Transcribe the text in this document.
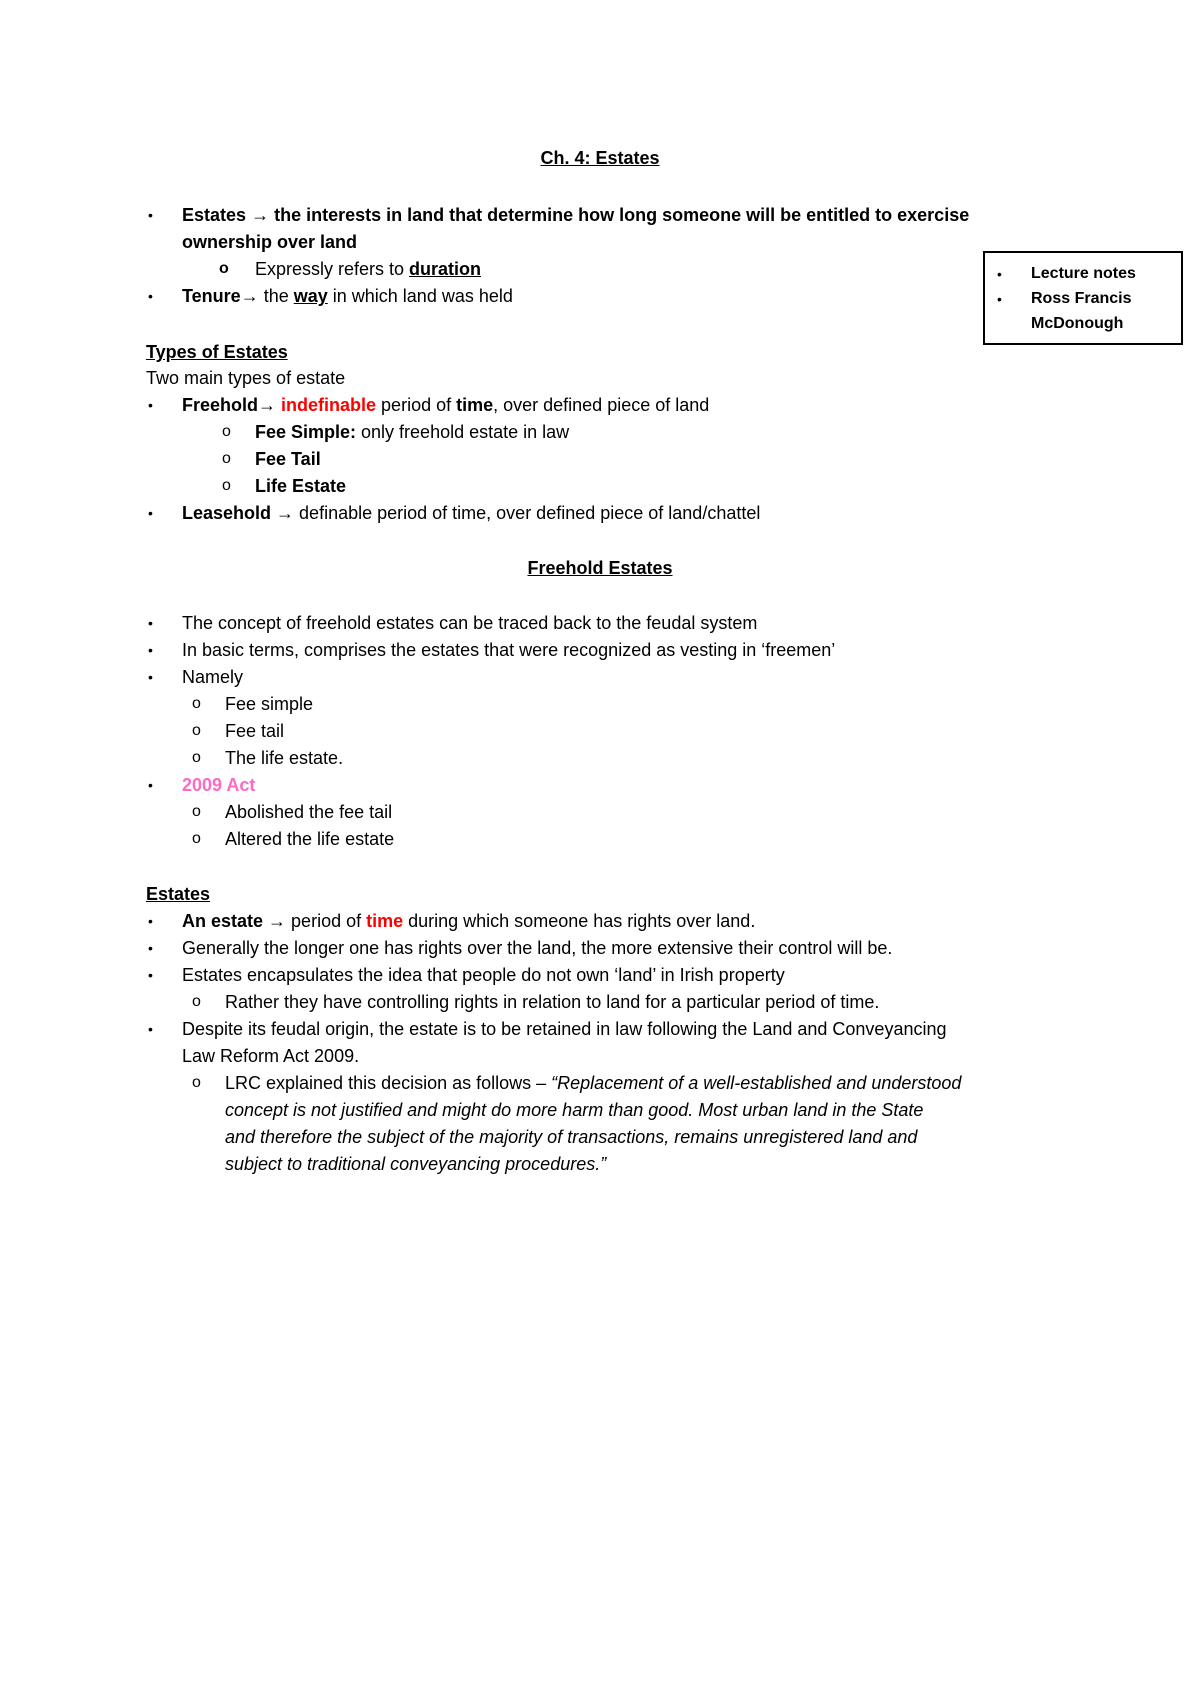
Ch. 4: Estates
• Lecture notes
• Ross Francis
McDonough
• Estates → the interests in land that determine how long someone will be entitled to exercise
ownership over land
o Expressly refers to duration
• Tenure→ the way in which land was held
Types of Estates
Two main types of estate
• Freehold→ indefinable period of time, over defined piece of land
o Fee Simple: only freehold estate in law
o Fee Tail
o Life Estate
• Leasehold → definable period of time, over defined piece of land/chattel
Freehold Estates
• The concept of freehold estates can be traced back to the feudal system
• In basic terms, comprises the estates that were recognized as vesting in ‘freemen’
• Namely
o Fee simple
o Fee tail
o The life estate.
• 2009 Act
o Abolished the fee tail
o Altered the life estate
Estates
• An estate → period of time during which someone has rights over land.
• Generally the longer one has rights over the land, the more extensive their control will be.
• Estates encapsulates the idea that people do not own ‘land’ in Irish property
o Rather they have controlling rights in relation to land for a particular period of time.
• Despite its feudal origin, the estate is to be retained in law following the Land and Conveyancing
Law Reform Act 2009.
o LRC explained this decision as follows – “Replacement of a well-established and understood
concept is not justified and might do more harm than good. Most urban land in the State
and therefore the subject of the majority of transactions, remains unregistered land and
subject to traditional conveyancing procedures.”
